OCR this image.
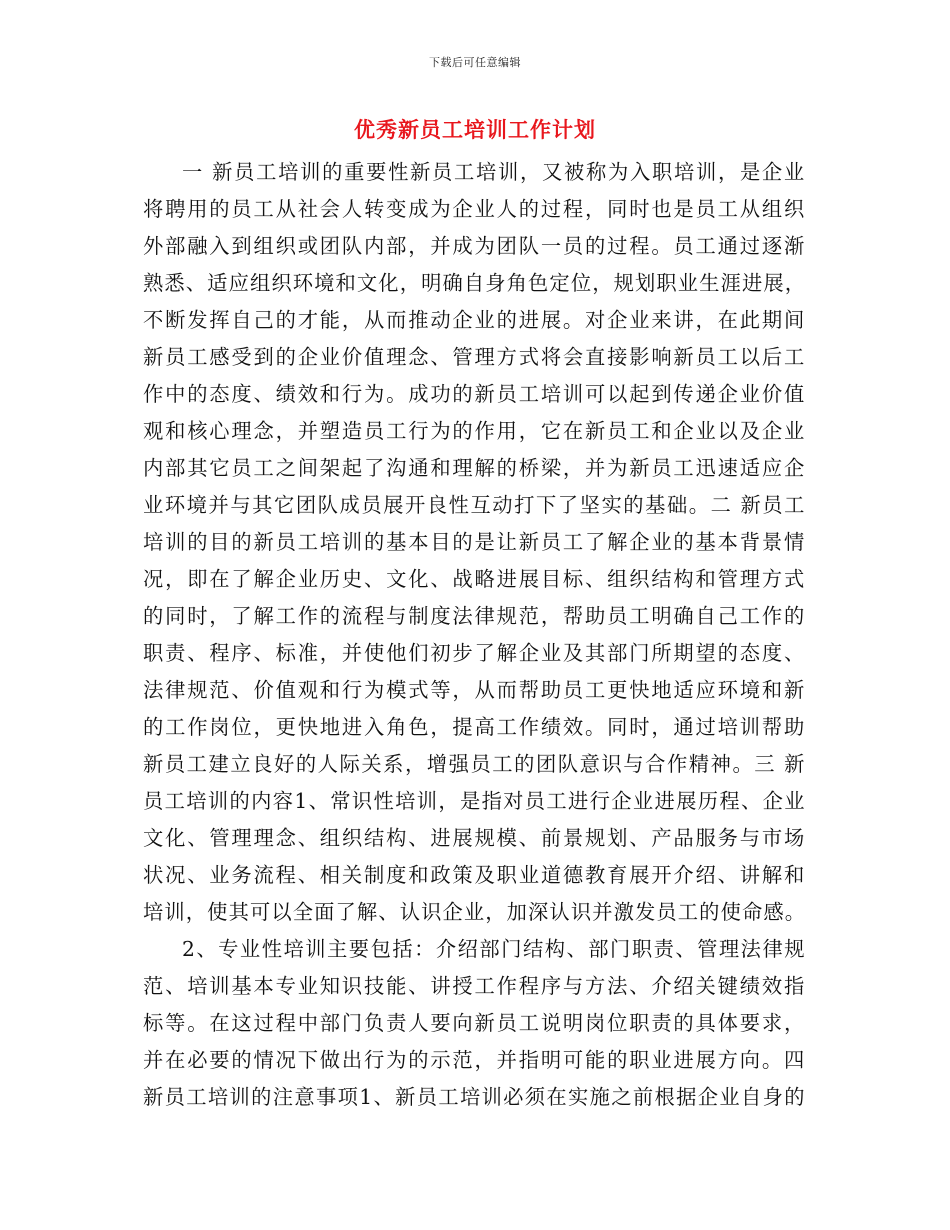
下载后可任意编辑
优秀新员工培训工作计划
一 新员工培训的重要性新员工培训，又被称为入职培训，是企业
将聘用的员工从社会人转变成为企业人的过程，同时也是员工从组织
外部融入到组织或团队内部，并成为团队一员的过程。员工通过逐渐
熟悉、适应组织环境和文化，明确自身角色定位，规划职业生涯进展，
不断发挥自己的才能，从而推动企业的进展。对企业来讲，在此期间
新员工感受到的企业价值理念、管理方式将会直接影响新员工以后工
作中的态度、绩效和行为。成功的新员工培训可以起到传递企业价值
观和核心理念，并塑造员工行为的作用，它在新员工和企业以及企业
内部其它员工之间架起了沟通和理解的桥梁，并为新员工迅速适应企
业环境并与其它团队成员展开良性互动打下了坚实的基础。二 新员工
培训的目的新员工培训的基本目的是让新员工了解企业的基本背景情
况，即在了解企业历史、文化、战略进展目标、组织结构和管理方式
的同时，了解工作的流程与制度法律规范，帮助员工明确自己工作的
职责、程序、标准，并使他们初步了解企业及其部门所期望的态度、
法律规范、价值观和行为模式等，从而帮助员工更快地适应环境和新
的工作岗位，更快地进入角色，提高工作绩效。同时，通过培训帮助
新员工建立良好的人际关系，增强员工的团队意识与合作精神。三 新
员工培训的内容1、常识性培训，是指对员工进行企业进展历程、企业
文化、管理理念、组织结构、进展规模、前景规划、产品服务与市场
状况、业务流程、相关制度和政策及职业道德教育展开介绍、讲解和
培训，使其可以全面了解、认识企业，加深认识并激发员工的使命感。
2、专业性培训主要包括：介绍部门结构、部门职责、管理法律规
范、培训基本专业知识技能、讲授工作程序与方法、介绍关键绩效指
标等。在这过程中部门负责人要向新员工说明岗位职责的具体要求，
并在必要的情况下做出行为的示范，并指明可能的职业进展方向。四
新员工培训的注意事项1、新员工培训必须在实施之前根据企业自身的
